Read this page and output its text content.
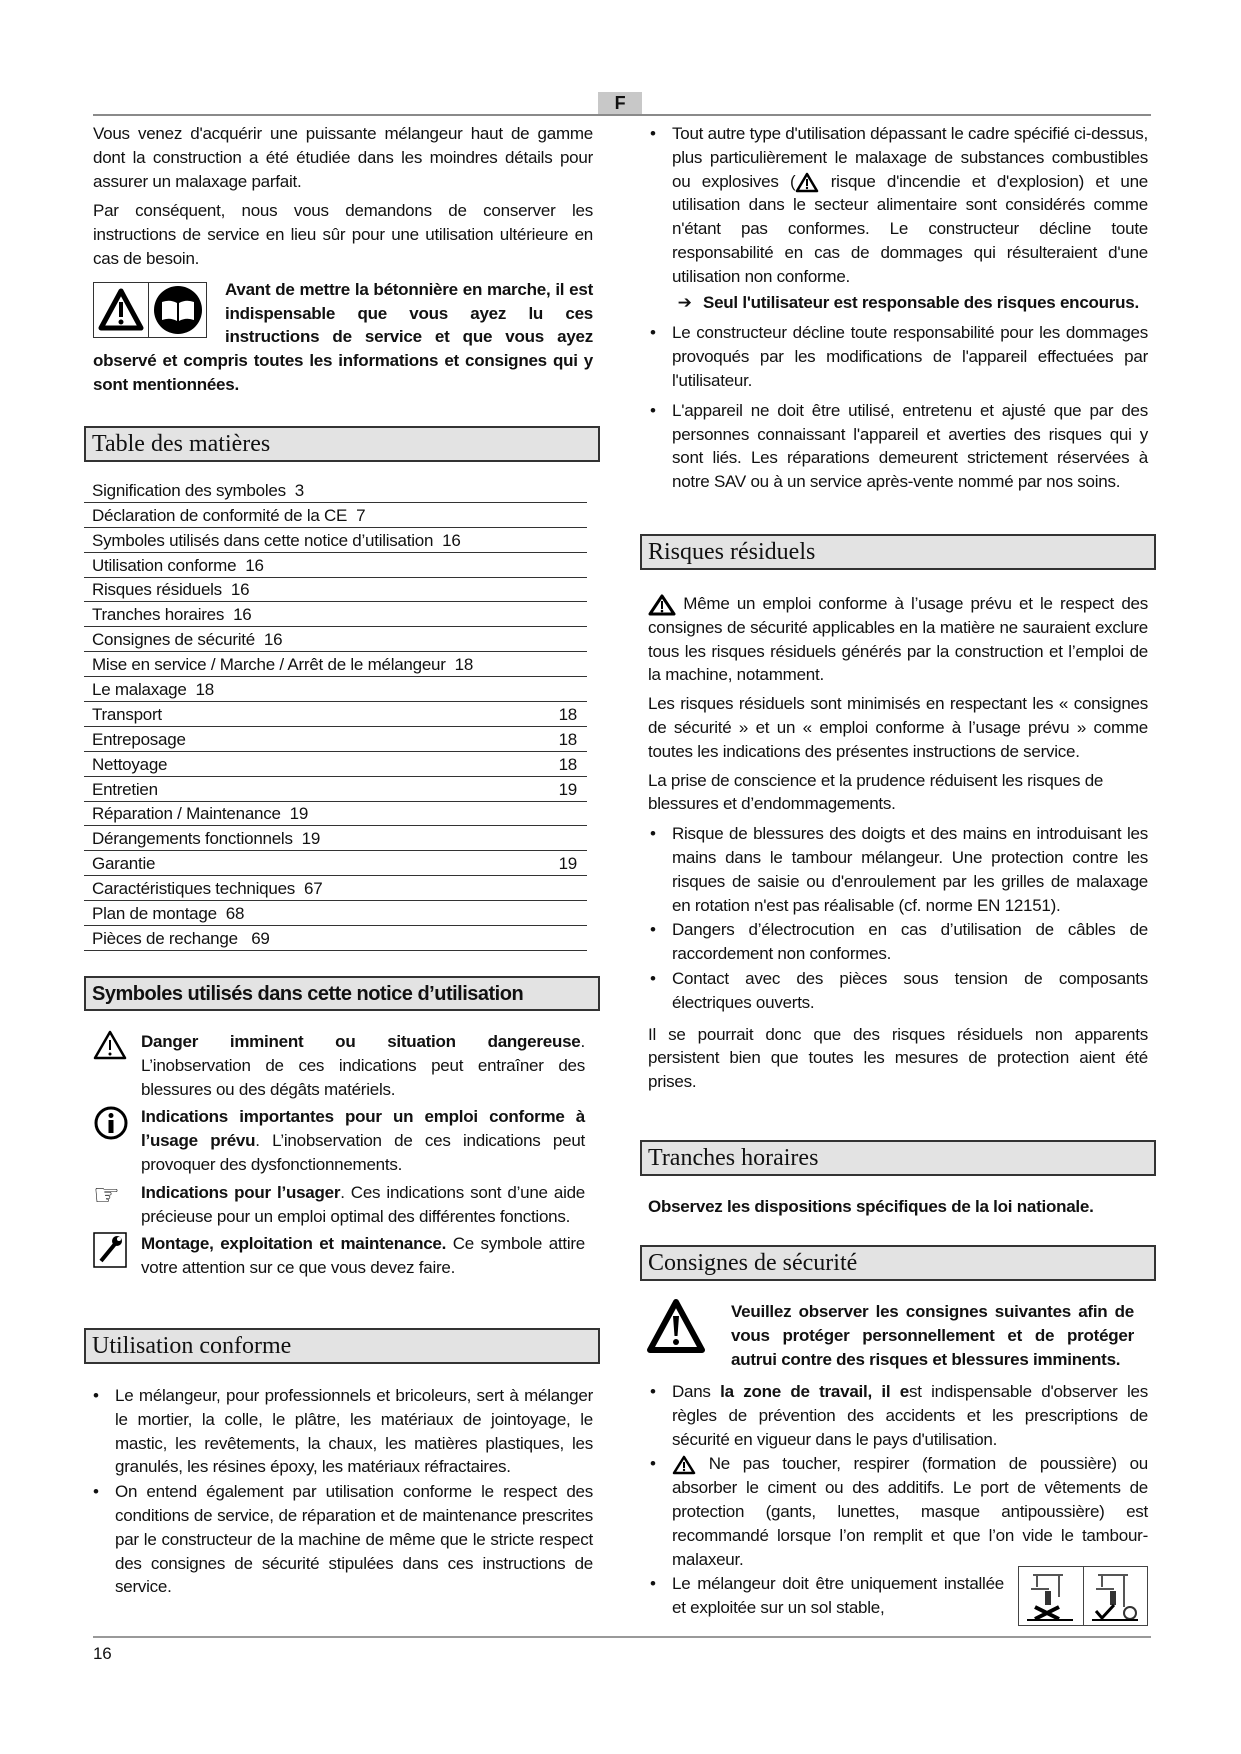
F

Vous venez d'acquérir une puissante mélangeur haut de gamme dont la construction a été étudiée dans les moindres détails pour assurer un malaxage parfait.

Par conséquent, nous vous demandons de conserver les instructions de service en lieu sûr pour une utilisation ultérieure en cas de besoin.

Avant de mettre la bétonnière en marche, il est indispensable que vous ayez lu ces instructions de service et que vous ayez observé et compris toutes les informations et consignes qui y sont mentionnées.

Table des matières
Signification des symboles 3
Déclaration de conformité de la CE 7
Symboles utilisés dans cette notice d’utilisation 16
Utilisation conforme 16
Risques résiduels 16
Tranches horaires 16
Consignes de sécurité 16
Mise en service / Marche / Arrêt de le mélangeur 18
Le malaxage 18
Transport	18
Entreposage	18
Nettoyage	18
Entretien	19
Réparation / Maintenance 19
Dérangements fonctionnels 19
Garantie	19
Caractéristiques techniques 67
Plan de montage 68
Pièces de rechange 69
Symboles utilisés dans cette notice d’utilisation
Danger imminent ou situation dangereuse. L’inobservation de ces indications peut entraîner des blessures ou des dégâts matériels.
Indications importantes pour un emploi conforme à l’usage prévu. L’inobservation de ces indications peut provoquer des dysfonctionnements.
☞	Indications pour l’usager. Ces indications sont d’une aide précieuse pour un emploi optimal des différentes fonctions.
Montage, exploitation et maintenance. Ce symbole attire votre attention sur ce que vous devez faire.
Utilisation conforme
• Le mélangeur, pour professionnels et bricoleurs, sert à mélanger le mortier, la colle, le plâtre, les matériaux de jointoyage, le mastic, les revêtements, la chaux, les matières plastiques, les granulés, les résines époxy, les matériaux réfractaires.
• On entend également par utilisation conforme le respect des conditions de service, de réparation et de maintenance prescrites par le constructeur de la machine de même que le stricte respect des consignes de sécurité stipulées dans ces instructions de service.
• Tout autre type d'utilisation dépassant le cadre spécifié ci-dessus, plus particulièrement le malaxage de substances combustibles ou explosives ( risque d'incendie et d'explosion) et une utilisation dans le secteur alimentaire sont considérés comme n'étant pas conformes. Le constructeur décline toute responsabilité en cas de dommages qui résulteraient d'une utilisation non conforme.
➔  Seul l'utilisateur est responsable des risques encourus.
• Le constructeur décline toute responsabilité pour les dommages provoqués par les modifications de l'appareil effectuées par l'utilisateur.
• L'appareil ne doit être utilisé, entretenu et ajusté que par des personnes connaissant l'appareil et averties des risques qui y sont liés. Les réparations demeurent strictement réservées à notre SAV ou à un service après-vente nommé par nos soins.
Risques résiduels

Même un emploi conforme à l’usage prévu et le respect des consignes de sécurité applicables en la matière ne sauraient exclure tous les risques résiduels générés par la construction et l’emploi de la machine, notamment.

Les risques résiduels sont minimisés en respectant les « consignes de sécurité » et un « emploi conforme à l’usage prévu » comme toutes les indications des présentes instructions de service.

La prise de conscience et la prudence réduisent les risques de blessures et d’endommagements.

• Risque de blessures des doigts et des mains en introduisant les mains dans le tambour mélangeur. Une protection contre les risques de saisie ou d'enroulement par les grilles de malaxage en rotation n'est pas réalisable (cf. norme EN 12151).
• Dangers d’électrocution en cas d’utilisation de câbles de raccordement non conformes.
• Contact avec des pièces sous tension de composants électriques ouverts.

Il se pourrait donc que des risques résiduels non apparents persistent bien que toutes les mesures de protection aient été prises.

Tranches horaires
Observez les dispositions spécifiques de la loi nationale.
Consignes de sécurité
Veuillez observer les consignes suivantes afin de vous protéger personnellement et de protéger autrui contre des risques et blessures imminents.
• Dans la zone de travail, il est indispensable d'observer les règles de prévention des accidents et les prescriptions de sécurité en vigueur dans le pays d'utilisation.
• Ne pas toucher, respirer (formation de poussière) ou absorber le ciment ou des additifs. Le port de vêtements de protection (gants, lunettes, masque antipoussière) est recommandé lorsque l’on remplit et que l’on vide le tambour-malaxeur.
• Le mélangeur doit être uniquement installée et exploitée sur un sol stable,
16
